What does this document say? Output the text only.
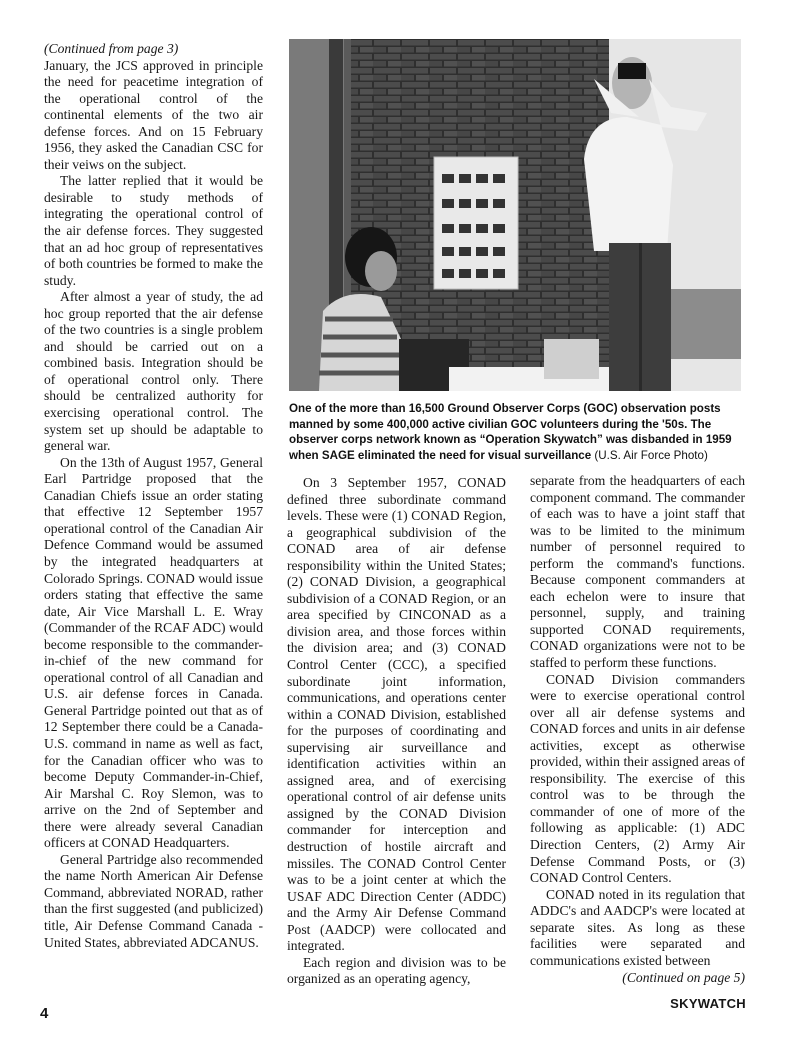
(Continued from page 3)

January, the JCS approved in principle the need for peacetime integration of the operational control of the continental elements of the two air defense forces. And on 15 February 1956, they asked the Canadian CSC for their veiws on the subject.

The latter replied that it would be desirable to study methods of integrating the operational control of the air defense forces. They suggested that an ad hoc group of representatives of both countries be formed to make the study.

After almost a year of study, the ad hoc group reported that the air defense of the two countries is a single problem and should be carried out on a combined basis. Integration should be of operational control only. There should be centralized authority for exercising operational control. The system set up should be adaptable to general war.

On the 13th of August 1957, General Earl Partridge proposed that the Canadian Chiefs issue an order stating that effective 12 September 1957 operational control of the Canadian Air Defence Command would be assumed by the integrated headquarters at Colorado Springs. CONAD would issue orders stating that effective the same date, Air Vice Marshall L. E. Wray (Commander of the RCAF ADC) would become responsible to the commander-in-chief of the new command for operational control of all Canadian and U.S. air defense forces in Canada. General Partridge pointed out that as of 12 September there could be a Canada-U.S. command in name as well as fact, for the Canadian officer who was to become Deputy Commander-in-Chief, Air Marshal C. Roy Slemon, was to arrive on the 2nd of September and there were already several Canadian officers at CONAD Headquarters.

General Partridge also recommended the name North American Air Defense Command, abbreviated NORAD, rather than the first suggested (and publicized) title, Air Defense Command Canada - United States, abbreviated ADCANUS.

One of the more than 16,500 Ground Observer Corps (GOC) observation posts manned by some 400,000 active civilian GOC volunteers during the '50s. The observer corps network known as “Operation Skywatch” was disbanded in 1959 when SAGE eliminated the need for visual surveillance (U.S. Air Force Photo)

On 3 September 1957, CONAD defined three subordinate command levels. These were (1) CONAD Region, a geographical subdivision of the CONAD area of air defense responsibility within the United States; (2) CONAD Division, a geographical subdivision of a CONAD Region, or an area specified by CINCONAD as a division area, and those forces within the division area; and (3) CONAD Control Center (CCC), a specified subordinate joint information, communications, and operations center within a CONAD Division, established for the purposes of coordinating and supervising air surveillance and identification activities within an assigned area, and of exercising operational control of air defense units assigned by the CONAD Division commander for interception and destruction of hostile aircraft and missiles. The CONAD Control Center was to be a joint center at which the USAF ADC Direction Center (ADDC) and the Army Air Defense Command Post (AADCP) were collocated and integrated.

Each region and division was to be organized as an operating agency,

separate from the headquarters of each component command. The commander of each was to have a joint staff that was to be limited to the minimum number of personnel required to perform the command's functions. Because component commanders at each echelon were to insure that personnel, supply, and training supported CONAD requirements, CONAD organizations were not to be staffed to perform these functions.

CONAD Division commanders were to exercise operational control over all air defense systems and CONAD forces and units in air defense activities, except as otherwise provided, within their assigned areas of responsibility. The exercise of this control was to be through the commander of one of more of the following as applicable: (1) ADC Direction Centers, (2) Army Air Defense Command Posts, or (3) CONAD Control Centers.

CONAD noted in its regulation that ADDC's and AADCP's were located at separate sites. As long as these facilities were separated and communications existed between

(Continued on page 5)
4
SKYWATCH
